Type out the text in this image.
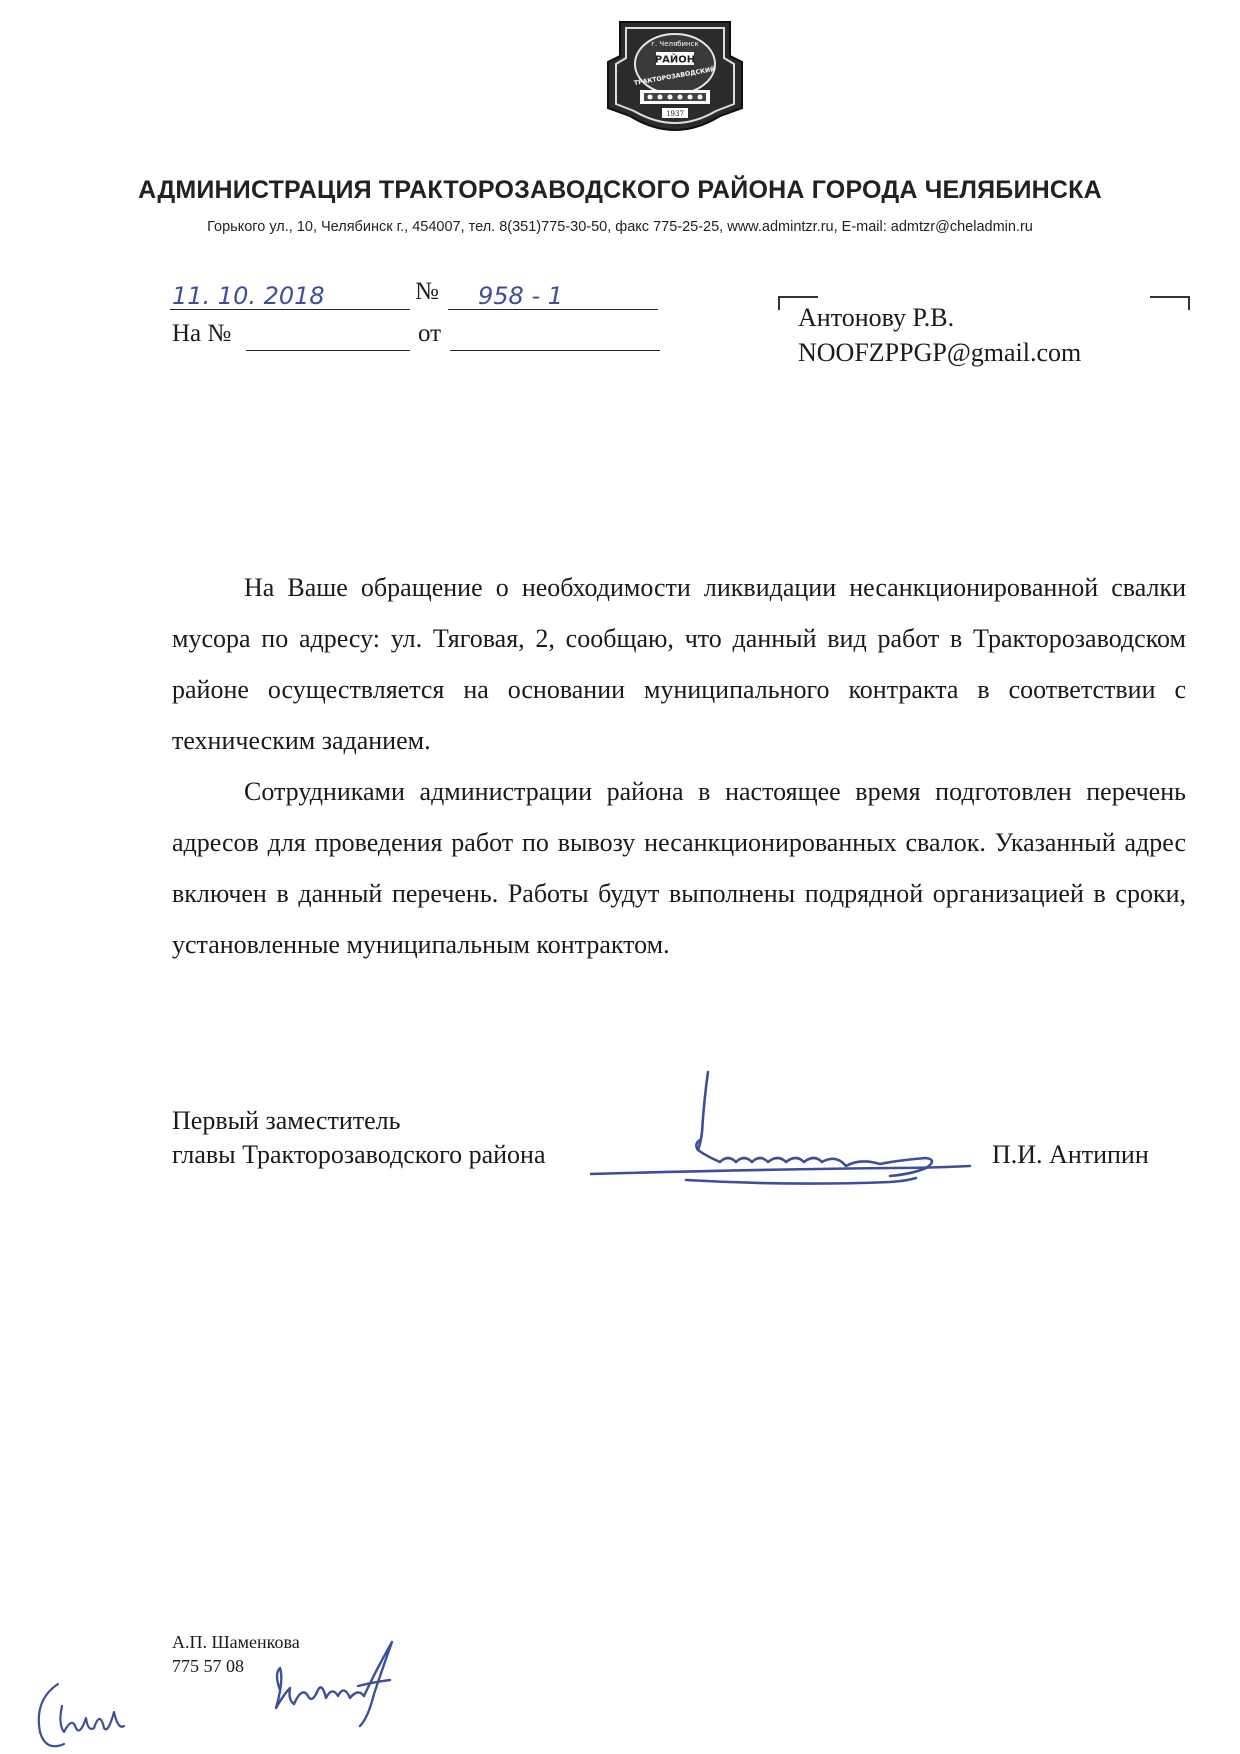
г. Челябинск
РАЙОН
ТРАКТОРОЗАВОДСКИЙ
1937
АДМИНИСТРАЦИЯ ТРАКТОРОЗАВОДСКОГО РАЙОНА ГОРОДА ЧЕЛЯБИНСКА
Горького ул., 10, Челябинск г., 454007, тел. 8(351)775-30-50, факс 775-25-25, www.admintzr.ru, E-mail: admtzr@cheladmin.ru
11. 10. 2018	№ 958 - 1
На №	от
Антонову Р.В.
NOOFZPPGP@gmail.com

На Ваше обращение о необходимости ликвидации несанкционированной свалки мусора по адресу: ул. Тяговая, 2, сообщаю, что данный вид работ в Тракторозаводском районе осуществляется на основании муниципального контракта в соответствии с техническим заданием.

Сотрудниками администрации района в настоящее время подготовлен перечень адресов для проведения работ по вывозу несанкционированных свалок. Указанный адрес включен в данный перечень. Работы будут выполнены подрядной организацией в сроки, установленные муниципальным контрактом.

Первый заместитель
главы Тракторозаводского района	П.И. Антипин
А.П. Шаменкова
775 57 08
